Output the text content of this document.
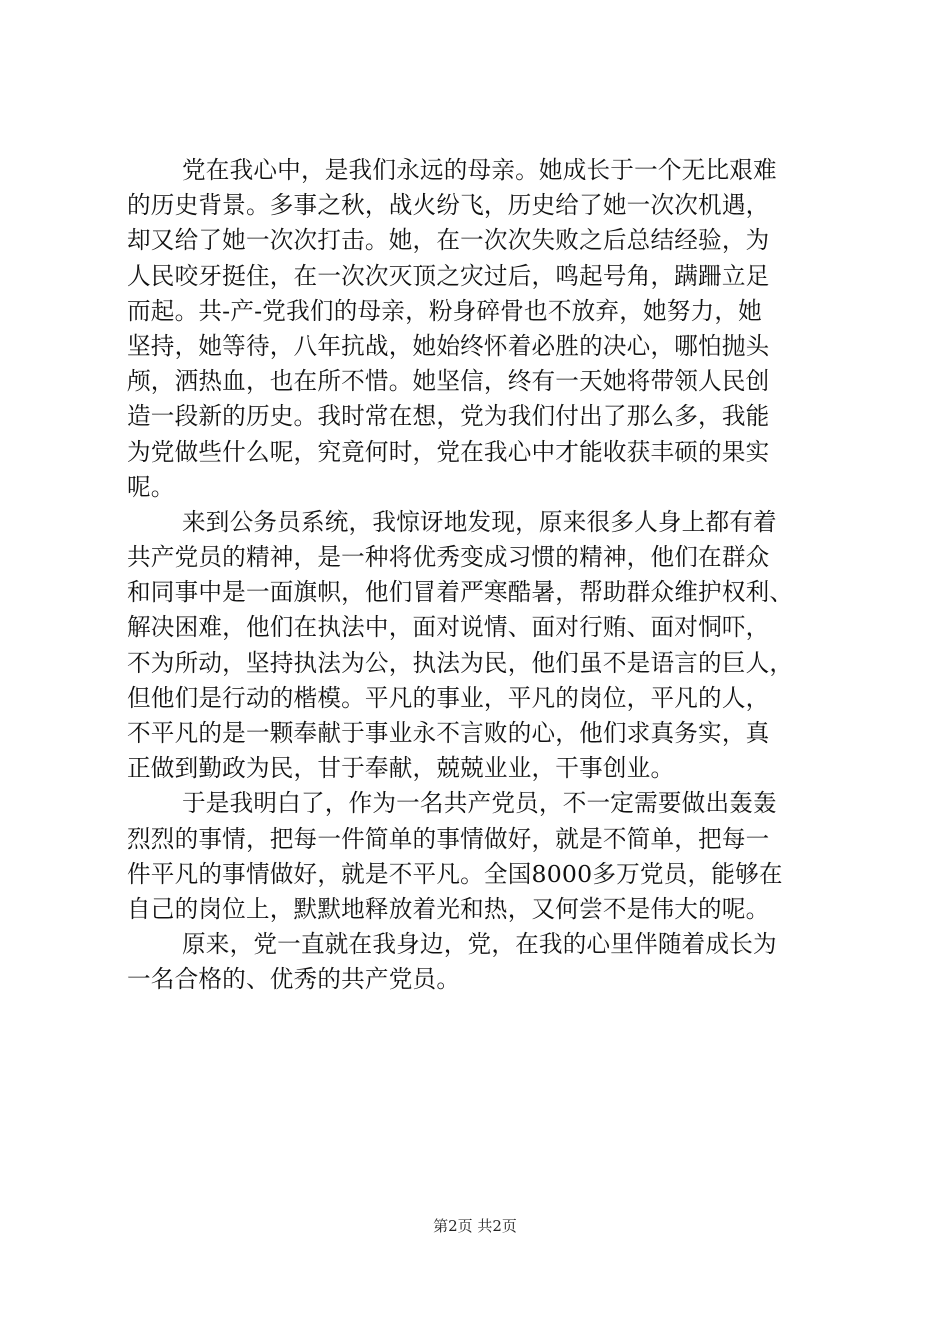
党在我心中，是我们永远的母亲。她成长于一个无比艰难
的历史背景。多事之秋，战火纷飞，历史给了她一次次机遇，
却又给了她一次次打击。她，在一次次失败之后总结经验，为
人民咬牙挺住，在一次次灭顶之灾过后，鸣起号角，蹒跚立足
而起。共-产-党我们的母亲，粉身碎骨也不放弃，她努力，她
坚持，她等待，八年抗战，她始终怀着必胜的决心，哪怕抛头
颅，洒热血，也在所不惜。她坚信，终有一天她将带领人民创
造一段新的历史。我时常在想，党为我们付出了那么多，我能
为党做些什么呢，究竟何时，党在我心中才能收获丰硕的果实
呢。
来到公务员系统，我惊讶地发现，原来很多人身上都有着
共产党员的精神，是一种将优秀变成习惯的精神，他们在群众
和同事中是一面旗帜，他们冒着严寒酷暑，帮助群众维护权利、
解决困难，他们在执法中，面对说情、面对行贿、面对恫吓，
不为所动，坚持执法为公，执法为民，他们虽不是语言的巨人，
但他们是行动的楷模。平凡的事业，平凡的岗位，平凡的人，
不平凡的是一颗奉献于事业永不言败的心，他们求真务实，真
正做到勤政为民，甘于奉献，兢兢业业，干事创业。
于是我明白了，作为一名共产党员，不一定需要做出轰轰
烈烈的事情，把每一件简单的事情做好，就是不简单，把每一
件平凡的事情做好，就是不平凡。全国8000多万党员，能够在
自己的岗位上，默默地释放着光和热，又何尝不是伟大的呢。
原来，党一直就在我身边，党，在我的心里伴随着成长为
一名合格的、优秀的共产党员。
第2页 共2页
